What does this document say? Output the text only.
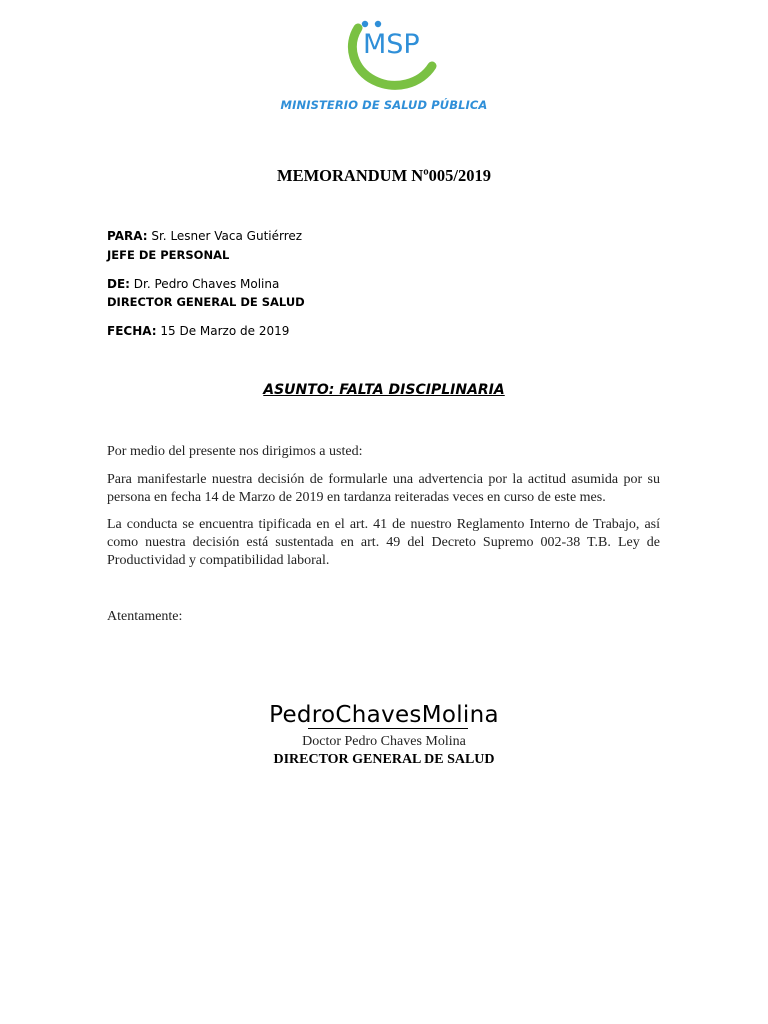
MSP
MINISTERIO DE SALUD PÚBLICA
MEMORANDUM Nº005/2019
PARA: Sr. Lesner Vaca Gutiérrez
JEFE DE PERSONAL
DE: Dr. Pedro Chaves Molina
DIRECTOR GENERAL DE SALUD
FECHA: 15 De Marzo de 2019
ASUNTO: FALTA DISCIPLINARIA
Por medio del presente nos dirigimos a usted:
Para manifestarle nuestra decisión de formularle una advertencia por la actitud asumida por su persona en fecha 14 de Marzo de 2019 en tardanza reiteradas veces en curso de este mes.
La conducta se encuentra tipificada en el art. 41 de nuestro Reglamento Interno de Trabajo, así como nuestra decisión está sustentada en art. 49 del Decreto Supremo 002-38 T.B. Ley de Productividad y compatibilidad laboral.
Atentamente:
PedroChavesMolina
Doctor Pedro Chaves Molina
DIRECTOR GENERAL DE SALUD
